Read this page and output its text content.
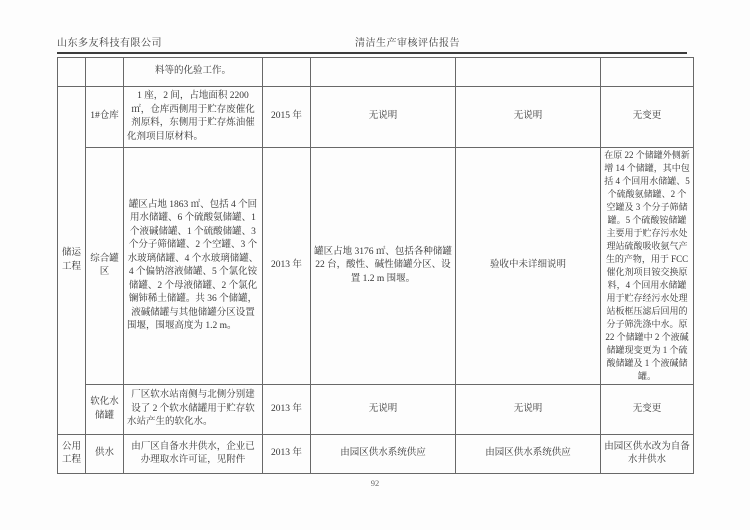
山东多友科技有限公司	清洁生产审核评估报告
		料等的化验工作。				
储运工程	1#仓库	1 座，2 间，占地面积 2200 ㎡，仓库西侧用于贮存废催化剂原料，东侧用于贮存炼油催化剂项目原材料。	2015 年	无说明	无说明	无变更
	综合罐区	罐区占地 1863 ㎡、包括 4 个回用水储罐、6 个硫酸氨储罐、1 个液碱储罐、1 个硫酸储罐、3 个分子筛储罐、2 个空罐、3 个水玻璃储罐、4 个水玻璃储罐、4 个偏钠溶液储罐、5 个氯化铵储罐、2 个母液储罐、2 个氯化镧铈稀土储罐。共 36 个储罐，液碱储罐与其他储罐分区设置围堰，围堰高度为 1.2 m。	2013 年	罐区占地 3176 ㎡、包括各种储罐 22 台，酸性、碱性储罐分区、设置 1.2 m 围堰。	验收中未详细说明	在原 22 个储罐外侧新增 14 个储罐，其中包括 4 个回用水储罐、5 个硫酸氨储罐、2 个空罐及 3 个分子筛储罐。5 个硫酸铵储罐主要用于贮存污水处理站硫酸吸收氨气产生的产物，用于 FCC 催化剂项目铵交换原料，4 个回用水储罐用于贮存经污水处理站板框压滤后回用的分子筛洗涤中水。原 22 个储罐中 2 个液碱储罐现变更为 1 个硫酸储罐及 1 个液碱储罐。
	软化水储罐	厂区软水站南侧与北侧分别建设了 2 个软水储罐用于贮存软水站产生的软化水。	2013 年	无说明	无说明	无变更
公用工程	供水	由厂区自备水井供水，企业已办理取水许可证，见附件	2013 年	由园区供水系统供应	由园区供水系统供应	由园区供水改为自备水井供水
92
